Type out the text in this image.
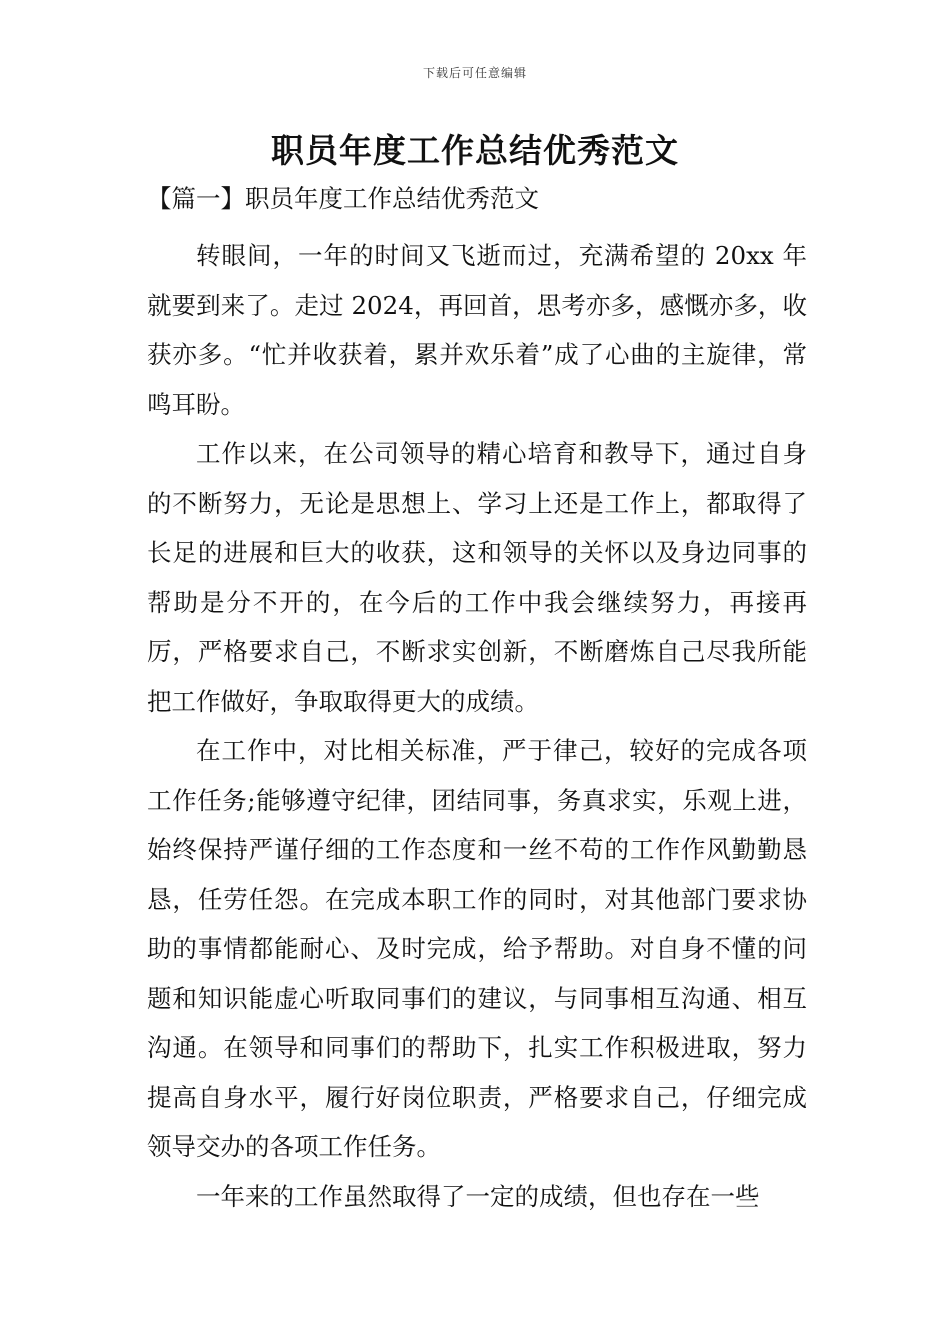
下载后可任意编辑
职员年度工作总结优秀范文
【篇一】职员年度工作总结优秀范文

转眼间，一年的时间又飞逝而过，充满希望的 20xx 年就要到来了。走过 2024，再回首，思考亦多，感慨亦多，收获亦多。“忙并收获着，累并欢乐着”成了心曲的主旋律，常鸣耳盼。

工作以来，在公司领导的精心培育和教导下，通过自身的不断努力，无论是思想上、学习上还是工作上，都取得了长足的进展和巨大的收获，这和领导的关怀以及身边同事的帮助是分不开的，在今后的工作中我会继续努力，再接再厉，严格要求自己，不断求实创新，不断磨炼自己尽我所能把工作做好，争取取得更大的成绩。

在工作中，对比相关标准，严于律己，较好的完成各项工作任务;能够遵守纪律，团结同事，务真求实，乐观上进，始终保持严谨仔细的工作态度和一丝不苟的工作作风勤勤恳恳，任劳任怨。在完成本职工作的同时，对其他部门要求协助的事情都能耐心、及时完成，给予帮助。对自身不懂的问题和知识能虚心听取同事们的建议，与同事相互沟通、相互沟通。在领导和同事们的帮助下，扎实工作积极进取，努力提高自身水平，履行好岗位职责，严格要求自己，仔细完成领导交办的各项工作任务。

一年来的工作虽然取得了一定的成绩，但也存在一些
